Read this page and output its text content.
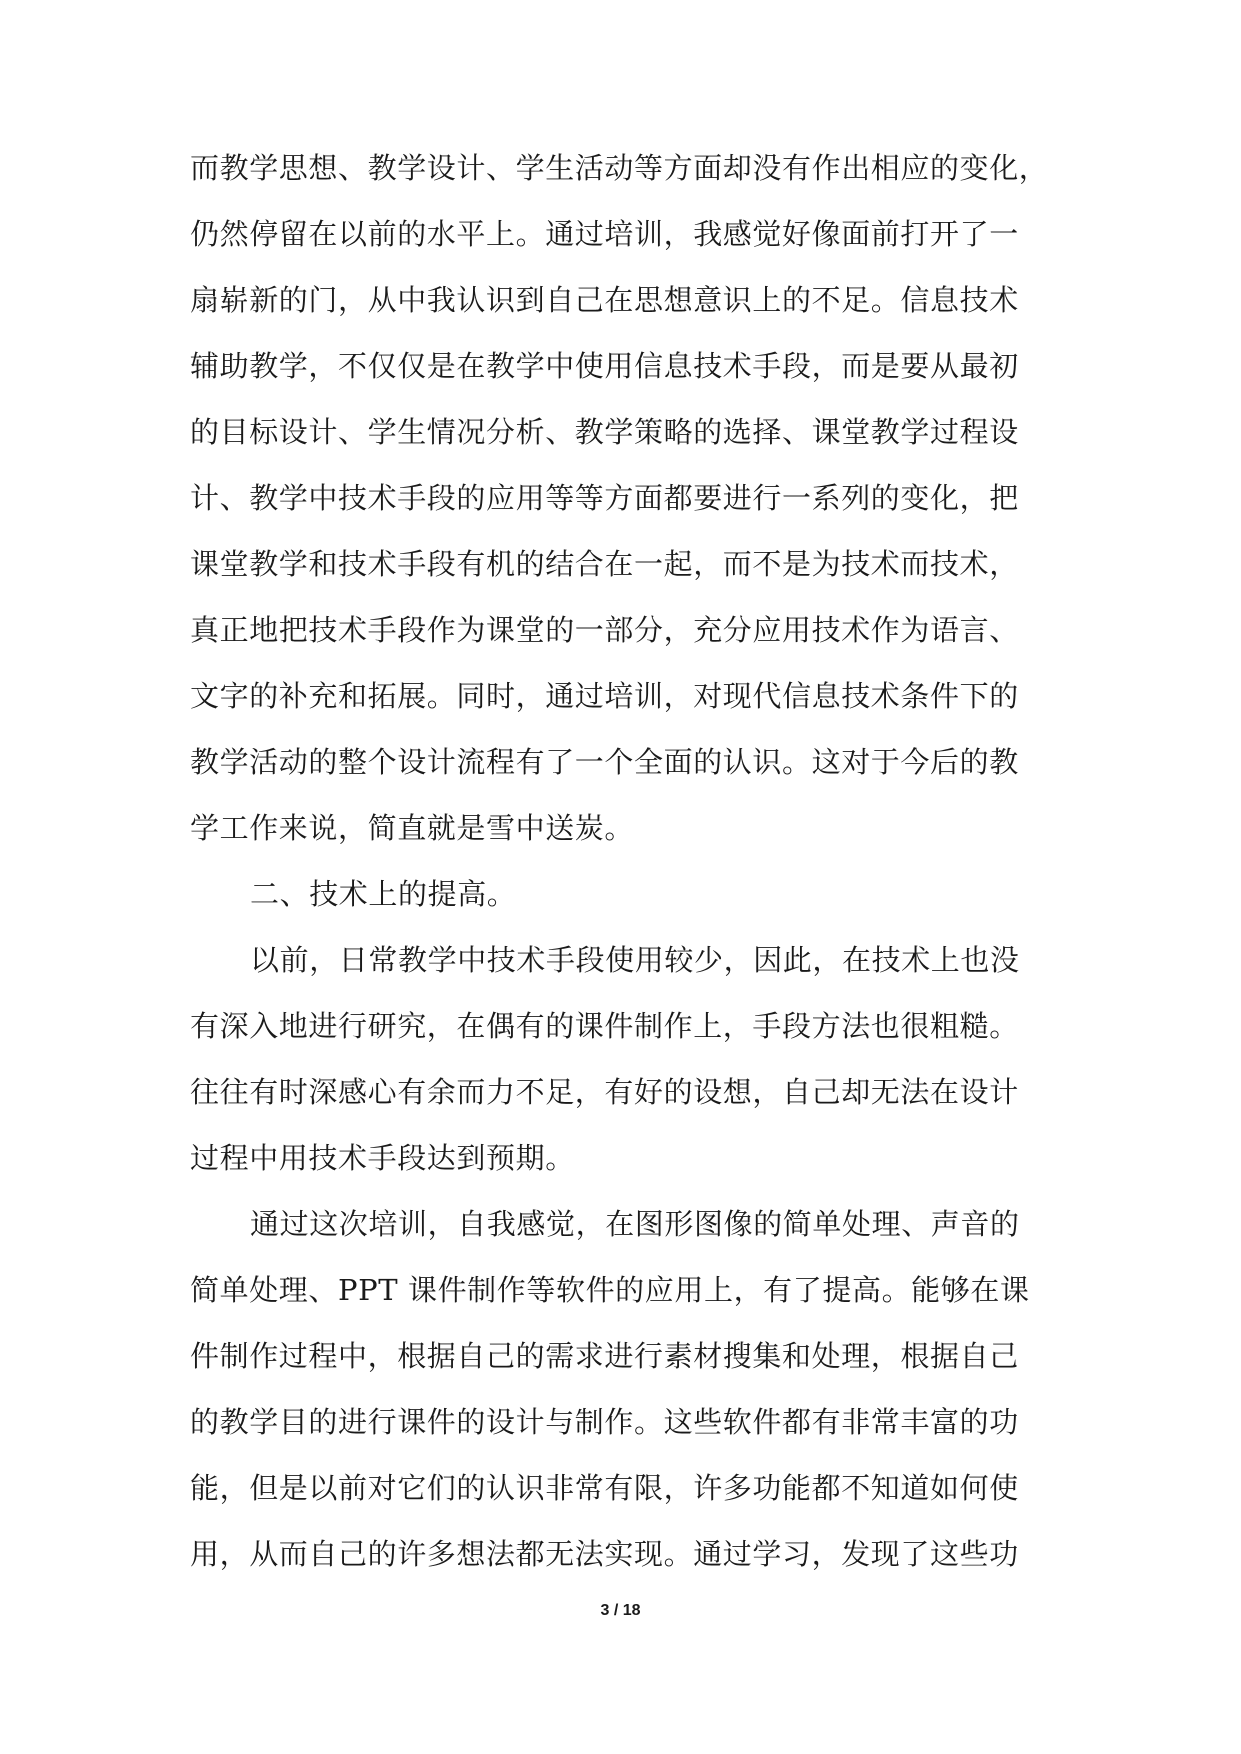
而教学思想、教学设计、学生活动等方面却没有作出相应的变化，
仍然停留在以前的水平上。通过培训，我感觉好像面前打开了一
扇崭新的门，从中我认识到自己在思想意识上的不足。信息技术
辅助教学，不仅仅是在教学中使用信息技术手段，而是要从最初
的目标设计、学生情况分析、教学策略的选择、课堂教学过程设
计、教学中技术手段的应用等等方面都要进行一系列的变化，把
课堂教学和技术手段有机的结合在一起，而不是为技术而技术，
真正地把技术手段作为课堂的一部分，充分应用技术作为语言、
文字的补充和拓展。同时，通过培训，对现代信息技术条件下的
教学活动的整个设计流程有了一个全面的认识。这对于今后的教
学工作来说，简直就是雪中送炭。
二、技术上的提高。
以前，日常教学中技术手段使用较少，因此，在技术上也没
有深入地进行研究，在偶有的课件制作上，手段方法也很粗糙。
往往有时深感心有余而力不足，有好的设想，自己却无法在设计
过程中用技术手段达到预期。
通过这次培训，自我感觉，在图形图像的简单处理、声音的
简单处理、PPT 课件制作等软件的应用上，有了提高。能够在课
件制作过程中，根据自己的需求进行素材搜集和处理，根据自己
的教学目的进行课件的设计与制作。这些软件都有非常丰富的功
能，但是以前对它们的认识非常有限，许多功能都不知道如何使
用，从而自己的许多想法都无法实现。通过学习，发现了这些功
3 / 18
